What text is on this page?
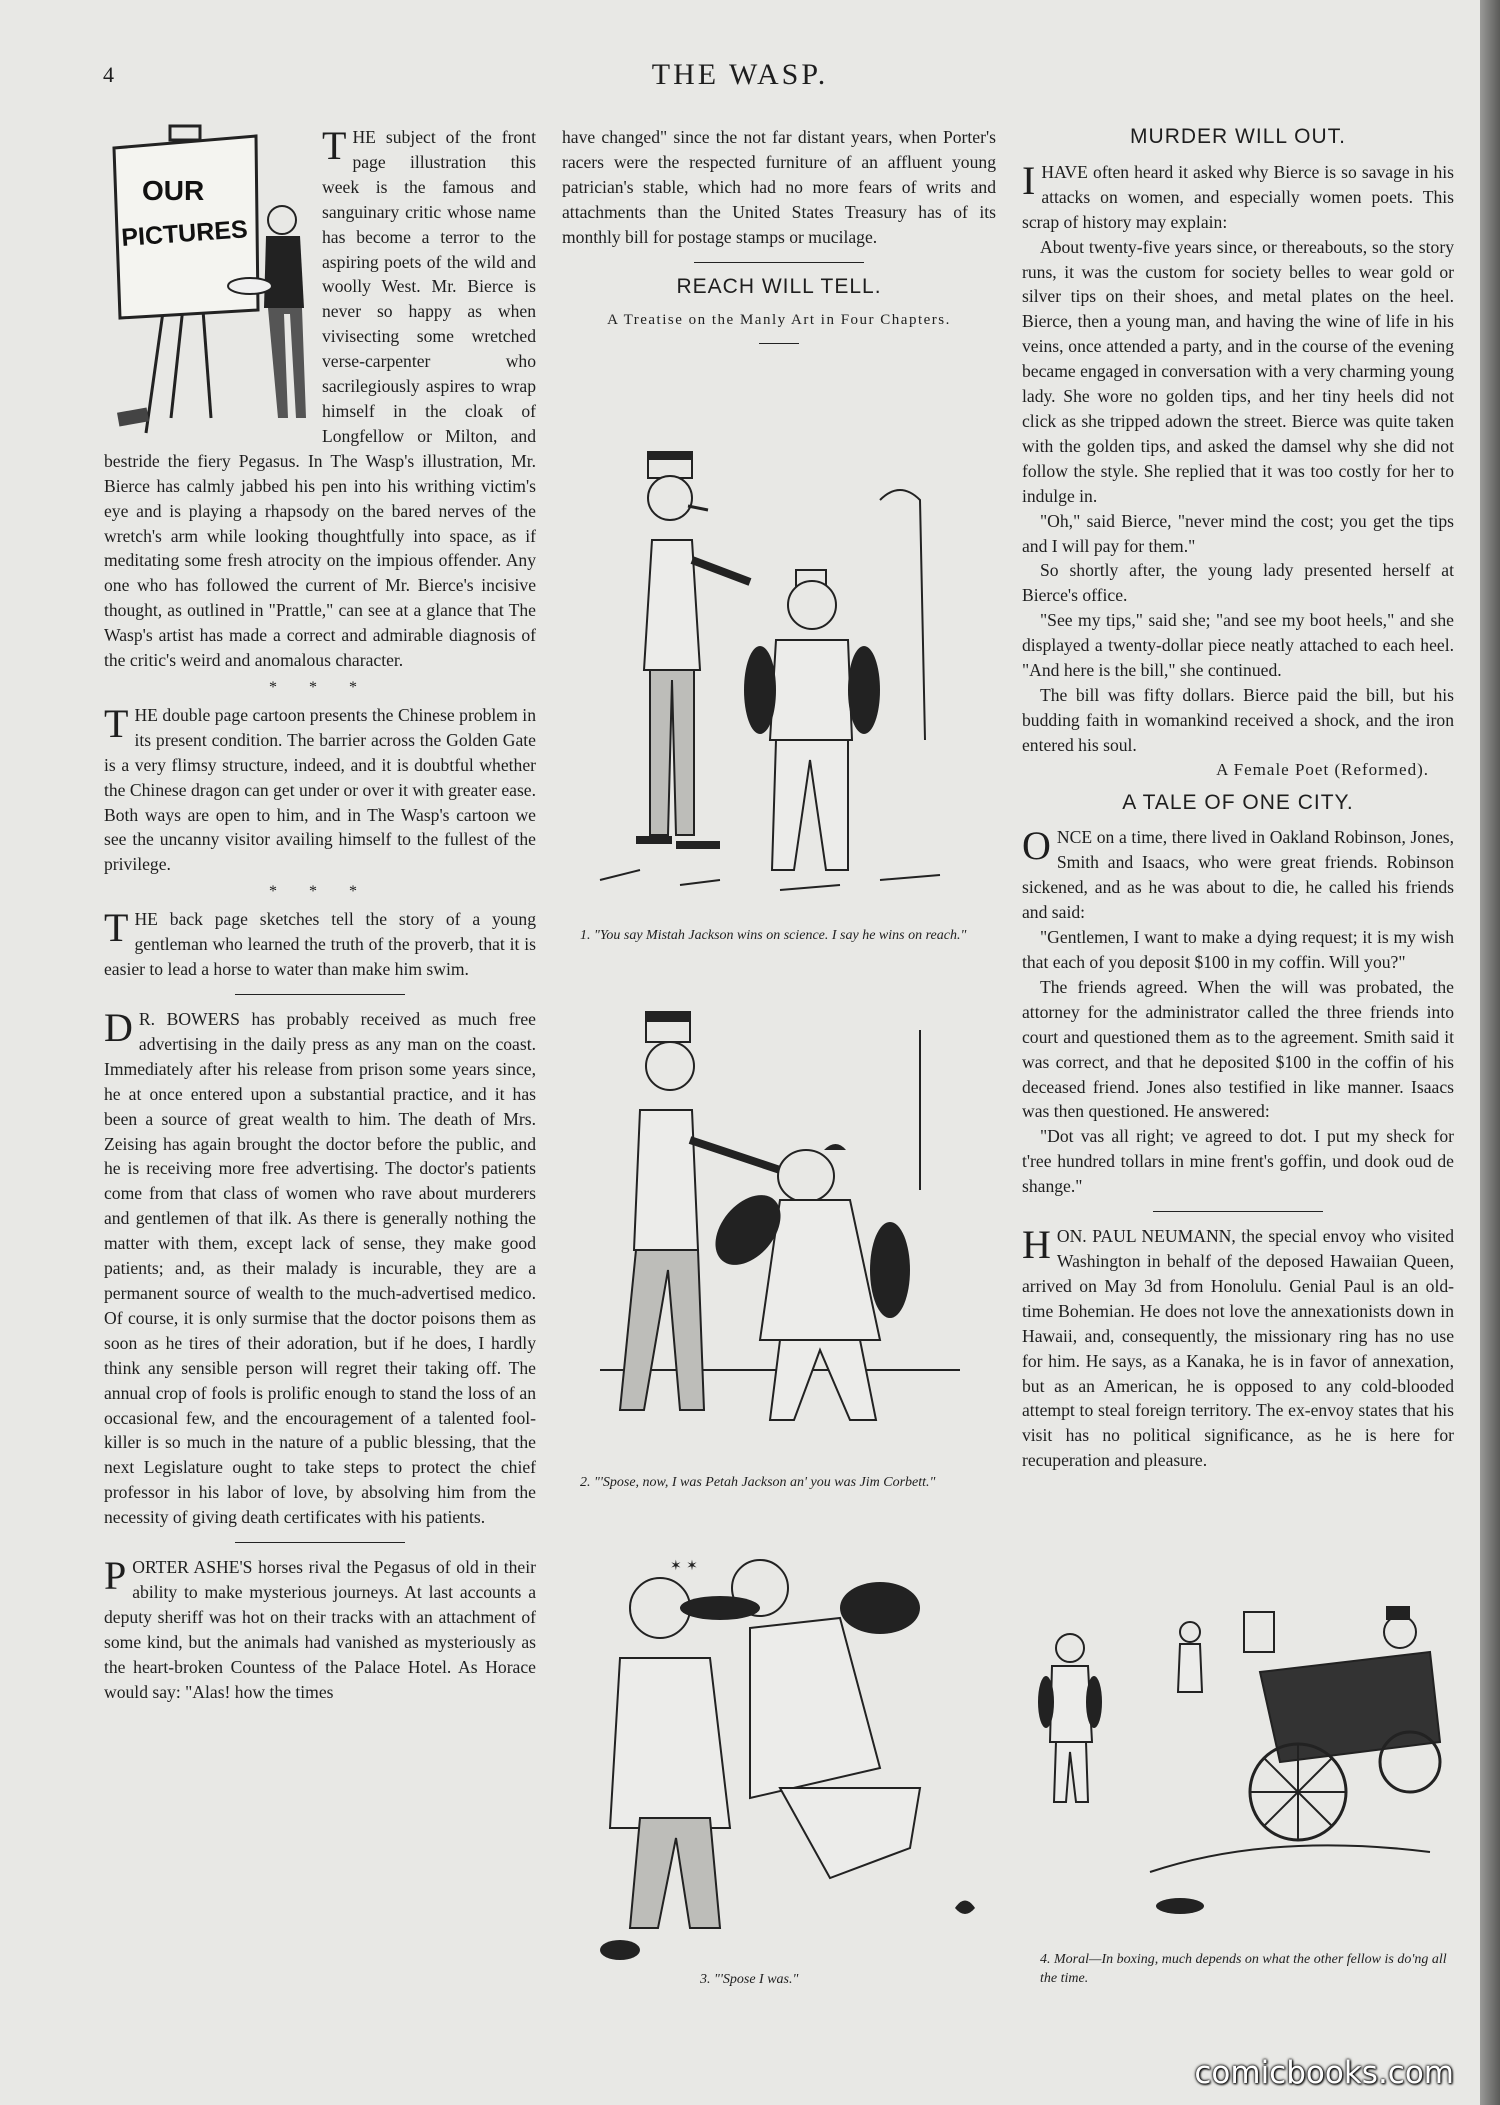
4	THE WASP.
OUR
PICTURES

THE subject of the front page illustration this week is the famous and sanguinary critic whose name has become a terror to the aspiring poets of the wild and woolly West. Mr. Bierce is never so happy as when vivisecting some wretched verse-carpenter who sacrilegiously aspires to wrap himself in the cloak of Longfellow or Milton, and bestride the fiery Pegasus. In The Wasp's illustration, Mr. Bierce has calmly jabbed his pen into his writhing victim's eye and is playing a rhapsody on the bared nerves of the wretch's arm while looking thoughtfully into space, as if meditating some fresh atrocity on the impious offender. Any one who has followed the current of Mr. Bierce's incisive thought, as outlined in "Prattle," can see at a glance that The Wasp's artist has made a correct and admirable diagnosis of the critic's weird and anomalous character.

* * *

THE double page cartoon presents the Chinese problem in its present condition. The barrier across the Golden Gate is a very flimsy structure, indeed, and it is doubtful whether the Chinese dragon can get under or over it with greater ease. Both ways are open to him, and in The Wasp's cartoon we see the uncanny visitor availing himself to the fullest of the privilege.

* * *

THE back page sketches tell the story of a young gentleman who learned the truth of the proverb, that it is easier to lead a horse to water than make him swim.

D R. BOWERS has probably received as much free advertising in the daily press as any man on the coast. Immediately after his release from prison some years since, he at once entered upon a substantial practice, and it has been a source of great wealth to him. The death of Mrs. Zeising has again brought the doctor before the public, and he is receiving more free advertising. The doctor's patients come from that class of women who rave about murderers and gentlemen of that ilk. As there is generally nothing the matter with them, except lack of sense, they make good patients; and, as their malady is incurable, they are a permanent source of wealth to the much-advertised medico. Of course, it is only surmise that the doctor poisons them as soon as he tires of their adoration, but if he does, I hardly think any sensible person will regret their taking off. The annual crop of fools is prolific enough to stand the loss of an occasional few, and the encouragement of a talented fool-killer is so much in the nature of a public blessing, that the next Legislature ought to take steps to protect the chief professor in his labor of love, by absolving him from the necessity of giving death certificates with his patients.

PORTER ASHE'S horses rival the Pegasus of old in their ability to make mysterious journeys. At last accounts a deputy sheriff was hot on their tracks with an attachment of some kind, but the animals had vanished as mysteriously as the heart-broken Countess of the Palace Hotel. As Horace would say: "Alas! how the times

have changed" since the not far distant years, when Porter's racers were the respected furniture of an affluent young patrician's stable, which had no more fears of writs and attachments than the United States Treasury has of its monthly bill for postage stamps or mucilage.

REACH WILL TELL.
A Treatise on the Manly Art in Four Chapters.
1. "You say Mistah Jackson wins on science. I say he wins on reach."
2. "'Spose, now, I was Petah Jackson an' you was Jim Corbett."
✶ ✶
3. "'Spose I was."
MURDER WILL OUT.

IHAVE often heard it asked why Bierce is so savage in his attacks on women, and especially women poets. This scrap of history may explain:

About twenty-five years since, or thereabouts, so the story runs, it was the custom for society belles to wear gold or silver tips on their shoes, and metal plates on the heel. Bierce, then a young man, and having the wine of life in his veins, once attended a party, and in the course of the evening became engaged in conversation with a very charming young lady. She wore no golden tips, and her tiny heels did not click as she tripped adown the street. Bierce was quite taken with the golden tips, and asked the damsel why she did not follow the style. She replied that it was too costly for her to indulge in.

"Oh," said Bierce, "never mind the cost; you get the tips and I will pay for them."

So shortly after, the young lady presented herself at Bierce's office.

"See my tips," said she; "and see my boot heels," and she displayed a twenty-dollar piece neatly attached to each heel. "And here is the bill," she continued.

The bill was fifty dollars. Bierce paid the bill, but his budding faith in womankind received a shock, and the iron entered his soul.

A Female Poet (Reformed).
A TALE OF ONE CITY.

ONCE on a time, there lived in Oakland Robinson, Jones, Smith and Isaacs, who were great friends. Robinson sickened, and as he was about to die, he called his friends and said:

"Gentlemen, I want to make a dying request; it is my wish that each of you deposit $100 in my coffin. Will you?"

The friends agreed. When the will was probated, the attorney for the administrator called the three friends into court and questioned them as to the agreement. Smith said it was correct, and that he deposited $100 in the coffin of his deceased friend. Jones also testified in like manner. Isaacs was then questioned. He answered:

"Dot vas all right; ve agreed to dot. I put my sheck for t'ree hundred tollars in mine frent's goffin, und dook oud de shange."

HON. PAUL NEUMANN, the special envoy who visited Washington in behalf of the deposed Hawaiian Queen, arrived on May 3d from Honolulu. Genial Paul is an old-time Bohemian. He does not love the annexationists down in Hawaii, and, consequently, the missionary ring has no use for him. He says, as a Kanaka, he is in favor of annexation, but as an American, he is opposed to any cold-blooded attempt to steal foreign territory. The ex-envoy states that his visit has no political significance, as he is here for recuperation and pleasure.

4. Moral—In boxing, much depends on what the other fellow is do'ng all the time.
comicbooks.com
